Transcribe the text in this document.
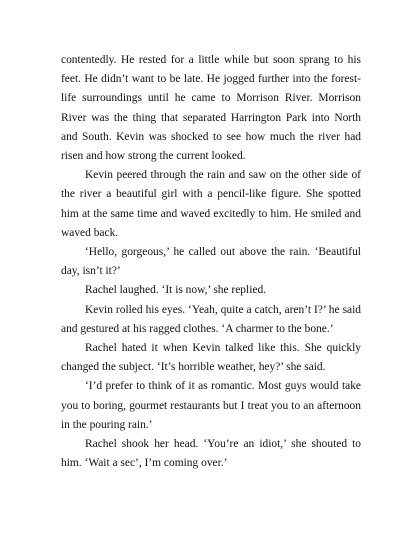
contentedly. He rested for a little while but soon sprang to his feet. He didn’t want to be late. He jogged further into the forest-life surroundings until he came to Morrison River. Morrison River was the thing that separated Harrington Park into North and South. Kevin was shocked to see how much the river had risen and how strong the current looked.

Kevin peered through the rain and saw on the other side of the river a beautiful girl with a pencil-like figure. She spotted him at the same time and waved excitedly to him. He smiled and waved back.

‘Hello, gorgeous,’ he called out above the rain. ‘Beautiful day, isn’t it?’

Rachel laughed. ‘It is now,’ she replied.

Kevin rolled his eyes. ‘Yeah, quite a catch, aren’t I?’ he said and gestured at his ragged clothes. ‘A charmer to the bone.’

Rachel hated it when Kevin talked like this. She quickly changed the subject. ‘It’s horrible weather, hey?’ she said.

‘I’d prefer to think of it as romantic. Most guys would take you to boring, gourmet restaurants but I treat you to an afternoon in the pouring rain.’

Rachel shook her head. ‘You’re an idiot,’ she shouted to him. ‘Wait a sec’, I’m coming over.’
